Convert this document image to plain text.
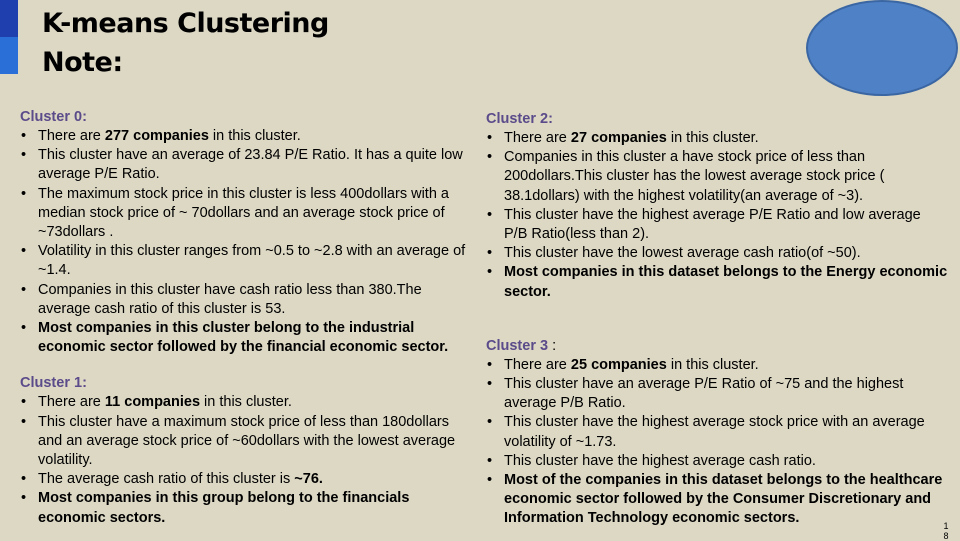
K-means Clustering
Note:
Cluster 0:
• There are 277 companies in this cluster.
• This cluster have an average of 23.84 P/E Ratio. It has a quite low average P/E Ratio.
• The maximum stock price in this cluster is less 400dollars with a median stock price of ~ 70dollars and an average stock price of ~73dollars .
• Volatility in this cluster ranges from ~0.5 to ~2.8 with an average of ~1.4.
• Companies in this cluster have cash ratio less than 380.The average cash ratio of this cluster is 53.
• Most companies in this cluster belong to the industrial economic sector followed by the financial economic sector.
Cluster 1:
• There are 11 companies in this cluster.
• This cluster have a maximum stock price of less than 180dollars and an average stock price of ~60dollars with the lowest average volatility.
• The average cash ratio of this cluster is ~76.
• Most companies in this group belong to the financials economic sectors.
Cluster 2:
• There are 27 companies in this cluster.
• Companies in this cluster a have stock price of less than 200dollars.This cluster has the lowest average stock price ( 38.1dollars) with the highest volatility(an average of ~3).
• This cluster have the highest average P/E Ratio and low average P/B Ratio(less than 2).
• This cluster have the lowest average cash ratio(of ~50).
• Most companies in this dataset belongs to the Energy economic sector.
Cluster 3 :
• There are 25 companies in this cluster.
• This cluster have an average P/E Ratio of ~75 and the highest average P/B Ratio.
• This cluster have the highest average stock price with an average volatility of ~1.73.
• This cluster have the highest average cash ratio.
• Most of the companies in this dataset belongs to the healthcare economic sector followed by the Consumer Discretionary and Information Technology economic sectors.	1 8
